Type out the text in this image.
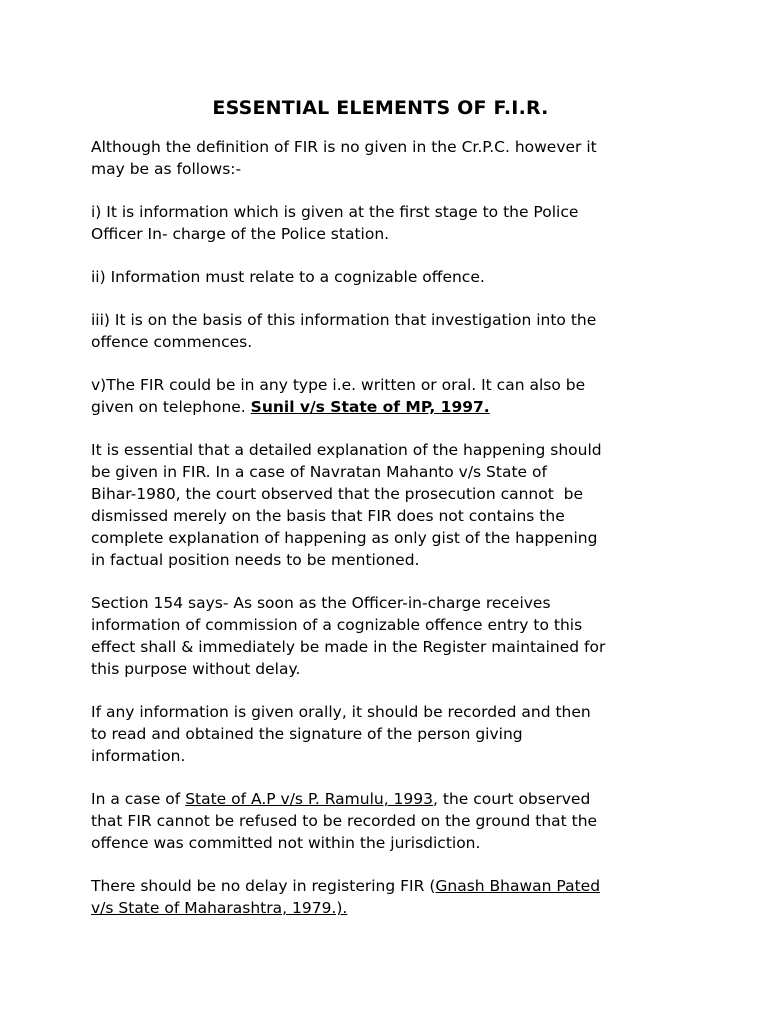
ESSENTIAL ELEMENTS OF F.I.R.

Although the definition of FIR is no given in the Cr.P.C. however it
may be as follows:-

i) It is information which is given at the first stage to the Police
Officer In- charge of the Police station.

ii) Information must relate to a cognizable offence.

iii) It is on the basis of this information that investigation into the
offence commences.

v)The FIR could be in any type i.e. written or oral. It can also be
given on telephone. Sunil v/s State of MP, 1997.

It is essential that a detailed explanation of the happening should
be given in FIR. In a case of Navratan Mahanto v/s State of
Bihar-1980, the court observed that the prosecution cannot  be
dismissed merely on the basis that FIR does not contains the
complete explanation of happening as only gist of the happening
in factual position needs to be mentioned.

Section 154 says- As soon as the Officer-in-charge receives
information of commission of a cognizable offence entry to this
effect shall & immediately be made in the Register maintained for
this purpose without delay.

If any information is given orally, it should be recorded and then
to read and obtained the signature of the person giving
information.

In a case of State of A.P v/s P. Ramulu, 1993, the court observed
that FIR cannot be refused to be recorded on the ground that the
offence was committed not within the jurisdiction.

There should be no delay in registering FIR (Gnash Bhawan Pated
v/s State of Maharashtra, 1979.).
